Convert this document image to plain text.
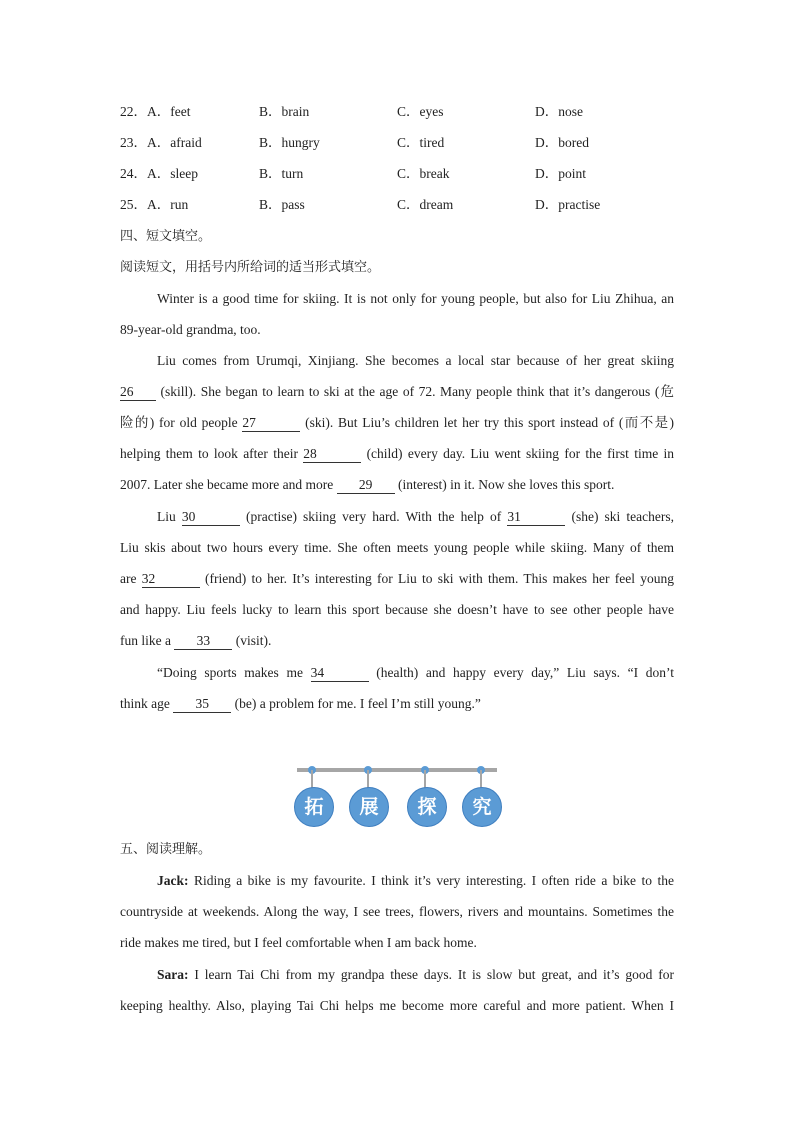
22．A．feet	B．brain	C．eyes	D．nose
23．A．afraid	B．hungry	C．tired	D．bored
24．A．sleep	B．turn	C．break	D．point
25．A．run	B．pass	C．dream	D．practise
四、短文填空。
阅读短文，用括号内所给词的适当形式填空。
Winter is a good time for skiing. It is not only for young people, but also for Liu Zhihua, an
89-year-old grandma, too.
Liu comes from Urumqi, Xinjiang. She becomes a local star because of her great skiing
26 (skill). She began to learn to ski at the age of 72. Many people think that it’s dangerous (危
险的) for old people 27	(ski). But Liu’s children let her try this sport instead of (而不是)
helping them to look after their 28	(child) every day. Liu went skiing for the first time in
2007. Later she became more and more 29 (interest) in it. Now she loves this sport.
Liu 30	(practise) skiing very hard. With the help of 31	(she) ski teachers,
Liu skis about two hours every time. She often meets young people while skiing. Many of them
are 32	(friend) to her. It’s interesting for Liu to ski with them. This makes her feel young
and happy. Liu feels lucky to learn this sport because she doesn’t have to see other people have
fun like a 33 (visit).
“Doing sports makes me 34	(health) and happy every day,” Liu says. “I don’t
think age 35 (be) a problem for me. I feel I’m still young.”
拓	展	探	究
五、阅读理解。
Jack: Riding a bike is my favourite. I think it’s very interesting. I often ride a bike to the
countryside at weekends. Along the way, I see trees, flowers, rivers and mountains. Sometimes the
ride makes me tired, but I feel comfortable when I am back home.
Sara: I learn Tai Chi from my grandpa these days. It is slow but great, and it’s good for
keeping healthy. Also, playing Tai Chi helps me become more careful and more patient. When I
